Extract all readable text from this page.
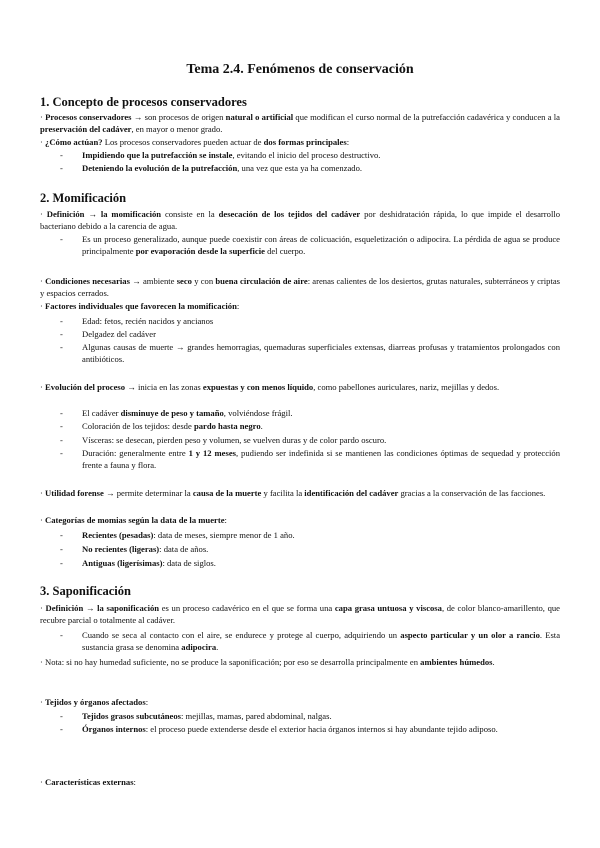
Tema 2.4. Fenómenos de conservación
1. Concepto de procesos conservadores
· Procesos conservadores → son procesos de origen natural o artificial que modifican el curso normal de la putrefacción cadavérica y conducen a la preservación del cadáver, en mayor o menor grado.
· ¿Cómo actúan? Los procesos conservadores pueden actuar de dos formas principales:
- Impidiendo que la putrefacción se instale, evitando el inicio del proceso destructivo.
- Deteniendo la evolución de la putrefacción, una vez que esta ya ha comenzado.
2. Momificación
· Definición → la momificación consiste en la desecación de los tejidos del cadáver por deshidratación rápida, lo que impide el desarrollo bacteriano debido a la carencia de agua.
- Es un proceso generalizado, aunque puede coexistir con áreas de colicuación, esqueletización o adipocira. La pérdida de agua se produce principalmente por evaporación desde la superficie del cuerpo.
· Condiciones necesarias → ambiente seco y con buena circulación de aire: arenas calientes de los desiertos, grutas naturales, subterráneos y criptas y espacios cerrados.
· Factores individuales que favorecen la momificación:
- Edad: fetos, recién nacidos y ancianos
- Delgadez del cadáver
- Algunas causas de muerte → grandes hemorragias, quemaduras superficiales extensas, diarreas profusas y tratamientos prolongados con antibióticos.
· Evolución del proceso → inicia en las zonas expuestas y con menos líquido, como pabellones auriculares, nariz, mejillas y dedos.
- El cadáver disminuye de peso y tamaño, volviéndose frágil.
- Coloración de los tejidos: desde pardo hasta negro.
- Vísceras: se desecan, pierden peso y volumen, se vuelven duras y de color pardo oscuro.
- Duración: generalmente entre 1 y 12 meses, pudiendo ser indefinida si se mantienen las condiciones óptimas de sequedad y protección frente a fauna y flora.
· Utilidad forense → permite determinar la causa de la muerte y facilita la identificación del cadáver gracias a la conservación de las facciones.
· Categorías de momias según la data de la muerte:
- Recientes (pesadas): data de meses, siempre menor de 1 año.
- No recientes (ligeras): data de años.
- Antiguas (ligerísimas): data de siglos.
3. Saponificación
· Definición → la saponificación es un proceso cadavérico en el que se forma una capa grasa untuosa y viscosa, de color blanco-amarillento, que recubre parcial o totalmente al cadáver.
- Cuando se seca al contacto con el aire, se endurece y protege al cuerpo, adquiriendo un aspecto particular y un olor a rancio. Esta sustancia grasa se denomina adipocira.
· Nota: si no hay humedad suficiente, no se produce la saponificación; por eso se desarrolla principalmente en ambientes húmedos.
· Tejidos y órganos afectados:
- Tejidos grasos subcutáneos: mejillas, mamas, pared abdominal, nalgas.
- Órganos internos: el proceso puede extenderse desde el exterior hacia órganos internos si hay abundante tejido adiposo.
· Características externas:
